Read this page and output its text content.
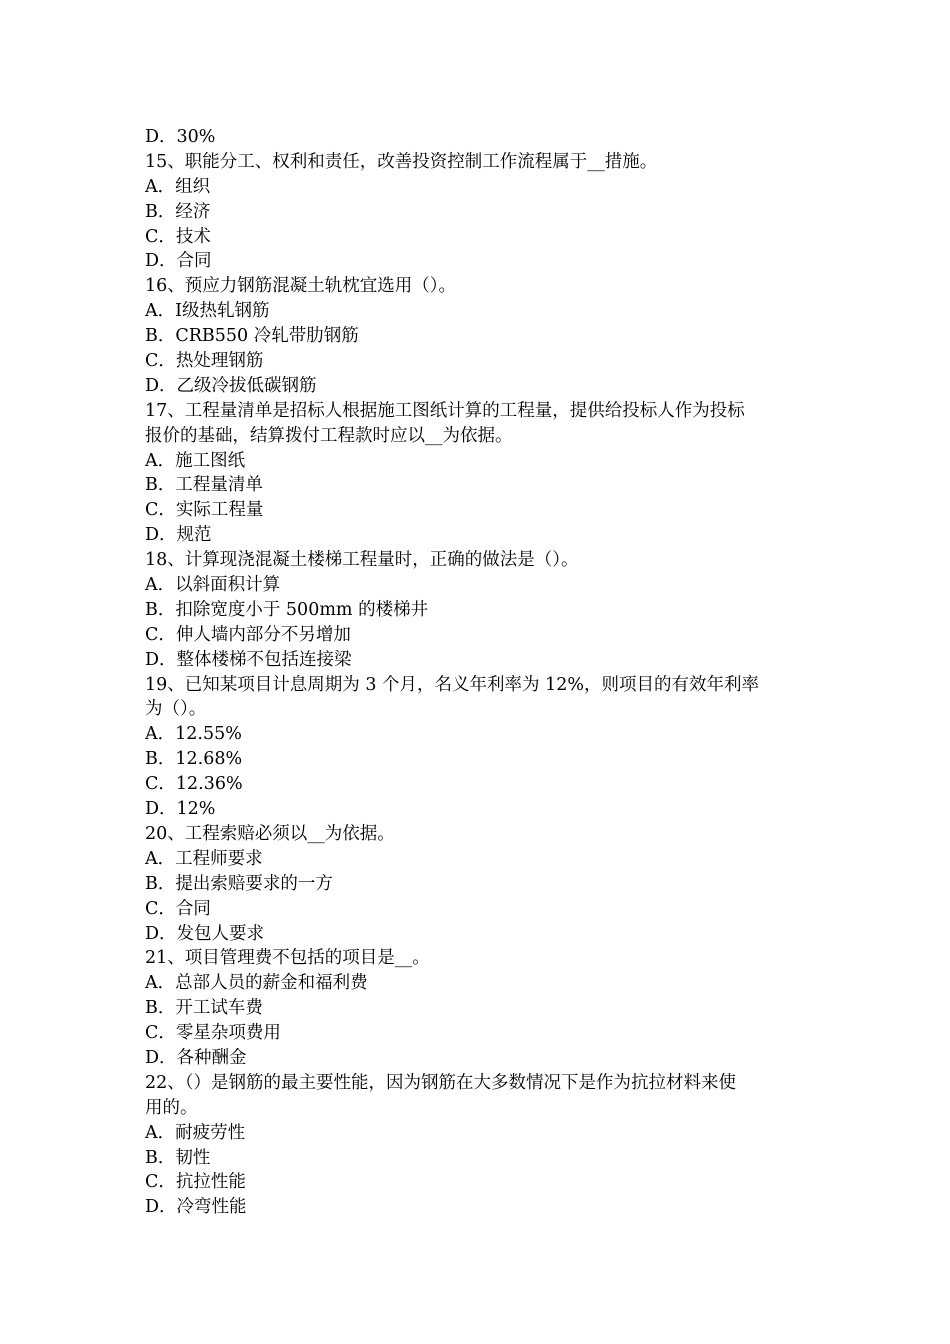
D．30%
15、职能分工、权利和责任，改善投资控制工作流程属于__措施。
A．组织
B．经济
C．技术
D．合同
16、预应力钢筋混凝土轨枕宜选用（）。
A．Ⅰ级热轧钢筋
B．CRB550 冷轧带肋钢筋
C．热处理钢筋
D．乙级冷拔低碳钢筋
17、工程量清单是招标人根据施工图纸计算的工程量，提供给投标人作为投标
报价的基础，结算拨付工程款时应以__为依据。
A．施工图纸
B．工程量清单
C．实际工程量
D．规范
18、计算现浇混凝土楼梯工程量时，正确的做法是（）。
A．以斜面积计算
B．扣除宽度小于 500mm 的楼梯井
C．伸人墙内部分不另增加
D．整体楼梯不包括连接梁
19、已知某项目计息周期为 3 个月，名义年利率为 12%，则项目的有效年利率
为（）。
A．12.55%
B．12.68%
C．12.36%
D．12%
20、工程索赔必须以__为依据。
A．工程师要求
B．提出索赔要求的一方
C．合同
D．发包人要求
21、项目管理费不包括的项目是__。
A．总部人员的薪金和福利费
B．开工试车费
C．零星杂项费用
D．各种酬金
22、（）是钢筋的最主要性能，因为钢筋在大多数情况下是作为抗拉材料来使
用的。
A．耐疲劳性
B．韧性
C．抗拉性能
D．冷弯性能
